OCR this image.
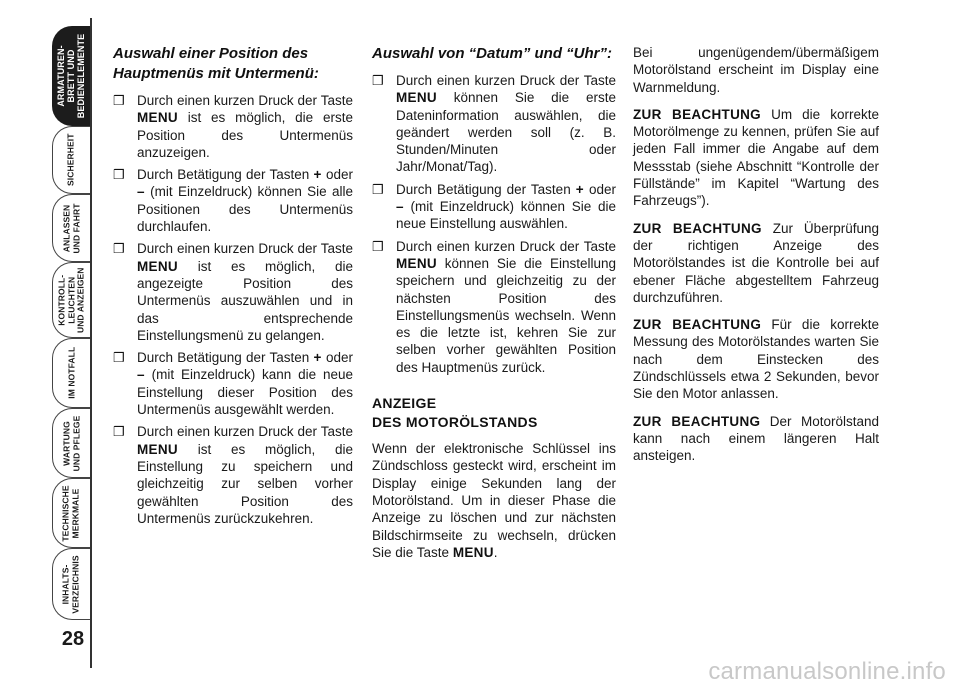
ARMATUREN-
BRETT UND
BEDIENELEMENTE
SICHERHEIT
ANLASSEN
UND FAHRT
KONTROLL-
LEUCHTEN
UND ANZEIGEN
IM NOTFALL
WARTUNG
UND PFLEGE
TECHNISCHE
MERKMALE
INHALTS-
VERZEICHNIS
28
Auswahl einer Position des Hauptmenüs mit Untermenü:
❒ Durch einen kurzen Druck der Taste MENU ist es möglich, die erste Position des Untermenüs anzuzeigen.
❒ Durch Betätigung der Tasten + oder – (mit Einzeldruck) können Sie alle Positionen des Untermenüs durchlaufen.
❒ Durch einen kurzen Druck der Taste MENU ist es möglich, die angezeigte Position des Untermenüs auszuwählen und in das entsprechende Einstellungsmenü zu gelangen.
❒ Durch Betätigung der Tasten + oder – (mit Einzeldruck) kann die neue Einstellung dieser Position des Untermenüs ausgewählt werden.
❒ Durch einen kurzen Druck der Taste MENU ist es möglich, die Einstellung zu speichern und gleichzeitig zur selben vorher gewählten Position des Untermenüs zurückzukehren.
Auswahl von “Datum” und “Uhr”:
❒ Durch einen kurzen Druck der Taste MENU können Sie die erste Dateninformation auswählen, die geändert werden soll (z. B. Stunden/Minuten oder Jahr/Monat/Tag).
❒ Durch Betätigung der Tasten + oder – (mit Einzeldruck) können Sie die neue Einstellung auswählen.
❒ Durch einen kurzen Druck der Taste MENU können Sie die Einstellung speichern und gleichzeitig zu der nächsten Position des Einstellungsmenüs wechseln. Wenn es die letzte ist, kehren Sie zur selben vorher gewählten Position des Hauptmenüs zurück.
ANZEIGE
DES MOTORÖLSTANDS

Wenn der elektronische Schlüssel ins Zündschloss gesteckt wird, erscheint im Display einige Sekunden lang der Motorölstand. Um in dieser Phase die Anzeige zu löschen und zur nächsten Bildschirmseite zu wechseln, drücken Sie die Taste MENU.

Bei ungenügendem/übermäßigem Motorölstand erscheint im Display eine Warnmeldung.

ZUR BEACHTUNG Um die korrekte Motorölmenge zu kennen, prüfen Sie auf jeden Fall immer die Angabe auf dem Messstab (siehe Abschnitt “Kontrolle der Füllstände” im Kapitel “Wartung des Fahrzeugs”).

ZUR BEACHTUNG Zur Überprüfung der richtigen Anzeige des Motorölstandes ist die Kontrolle bei auf ebener Fläche abgestelltem Fahrzeug durchzuführen.

ZUR BEACHTUNG Für die korrekte Messung des Motorölstandes warten Sie nach dem Einstecken des Zündschlüssels etwa 2 Sekunden, bevor Sie den Motor anlassen.

ZUR BEACHTUNG Der Motorölstand kann nach einem längeren Halt ansteigen.

carmanualsonline.info
